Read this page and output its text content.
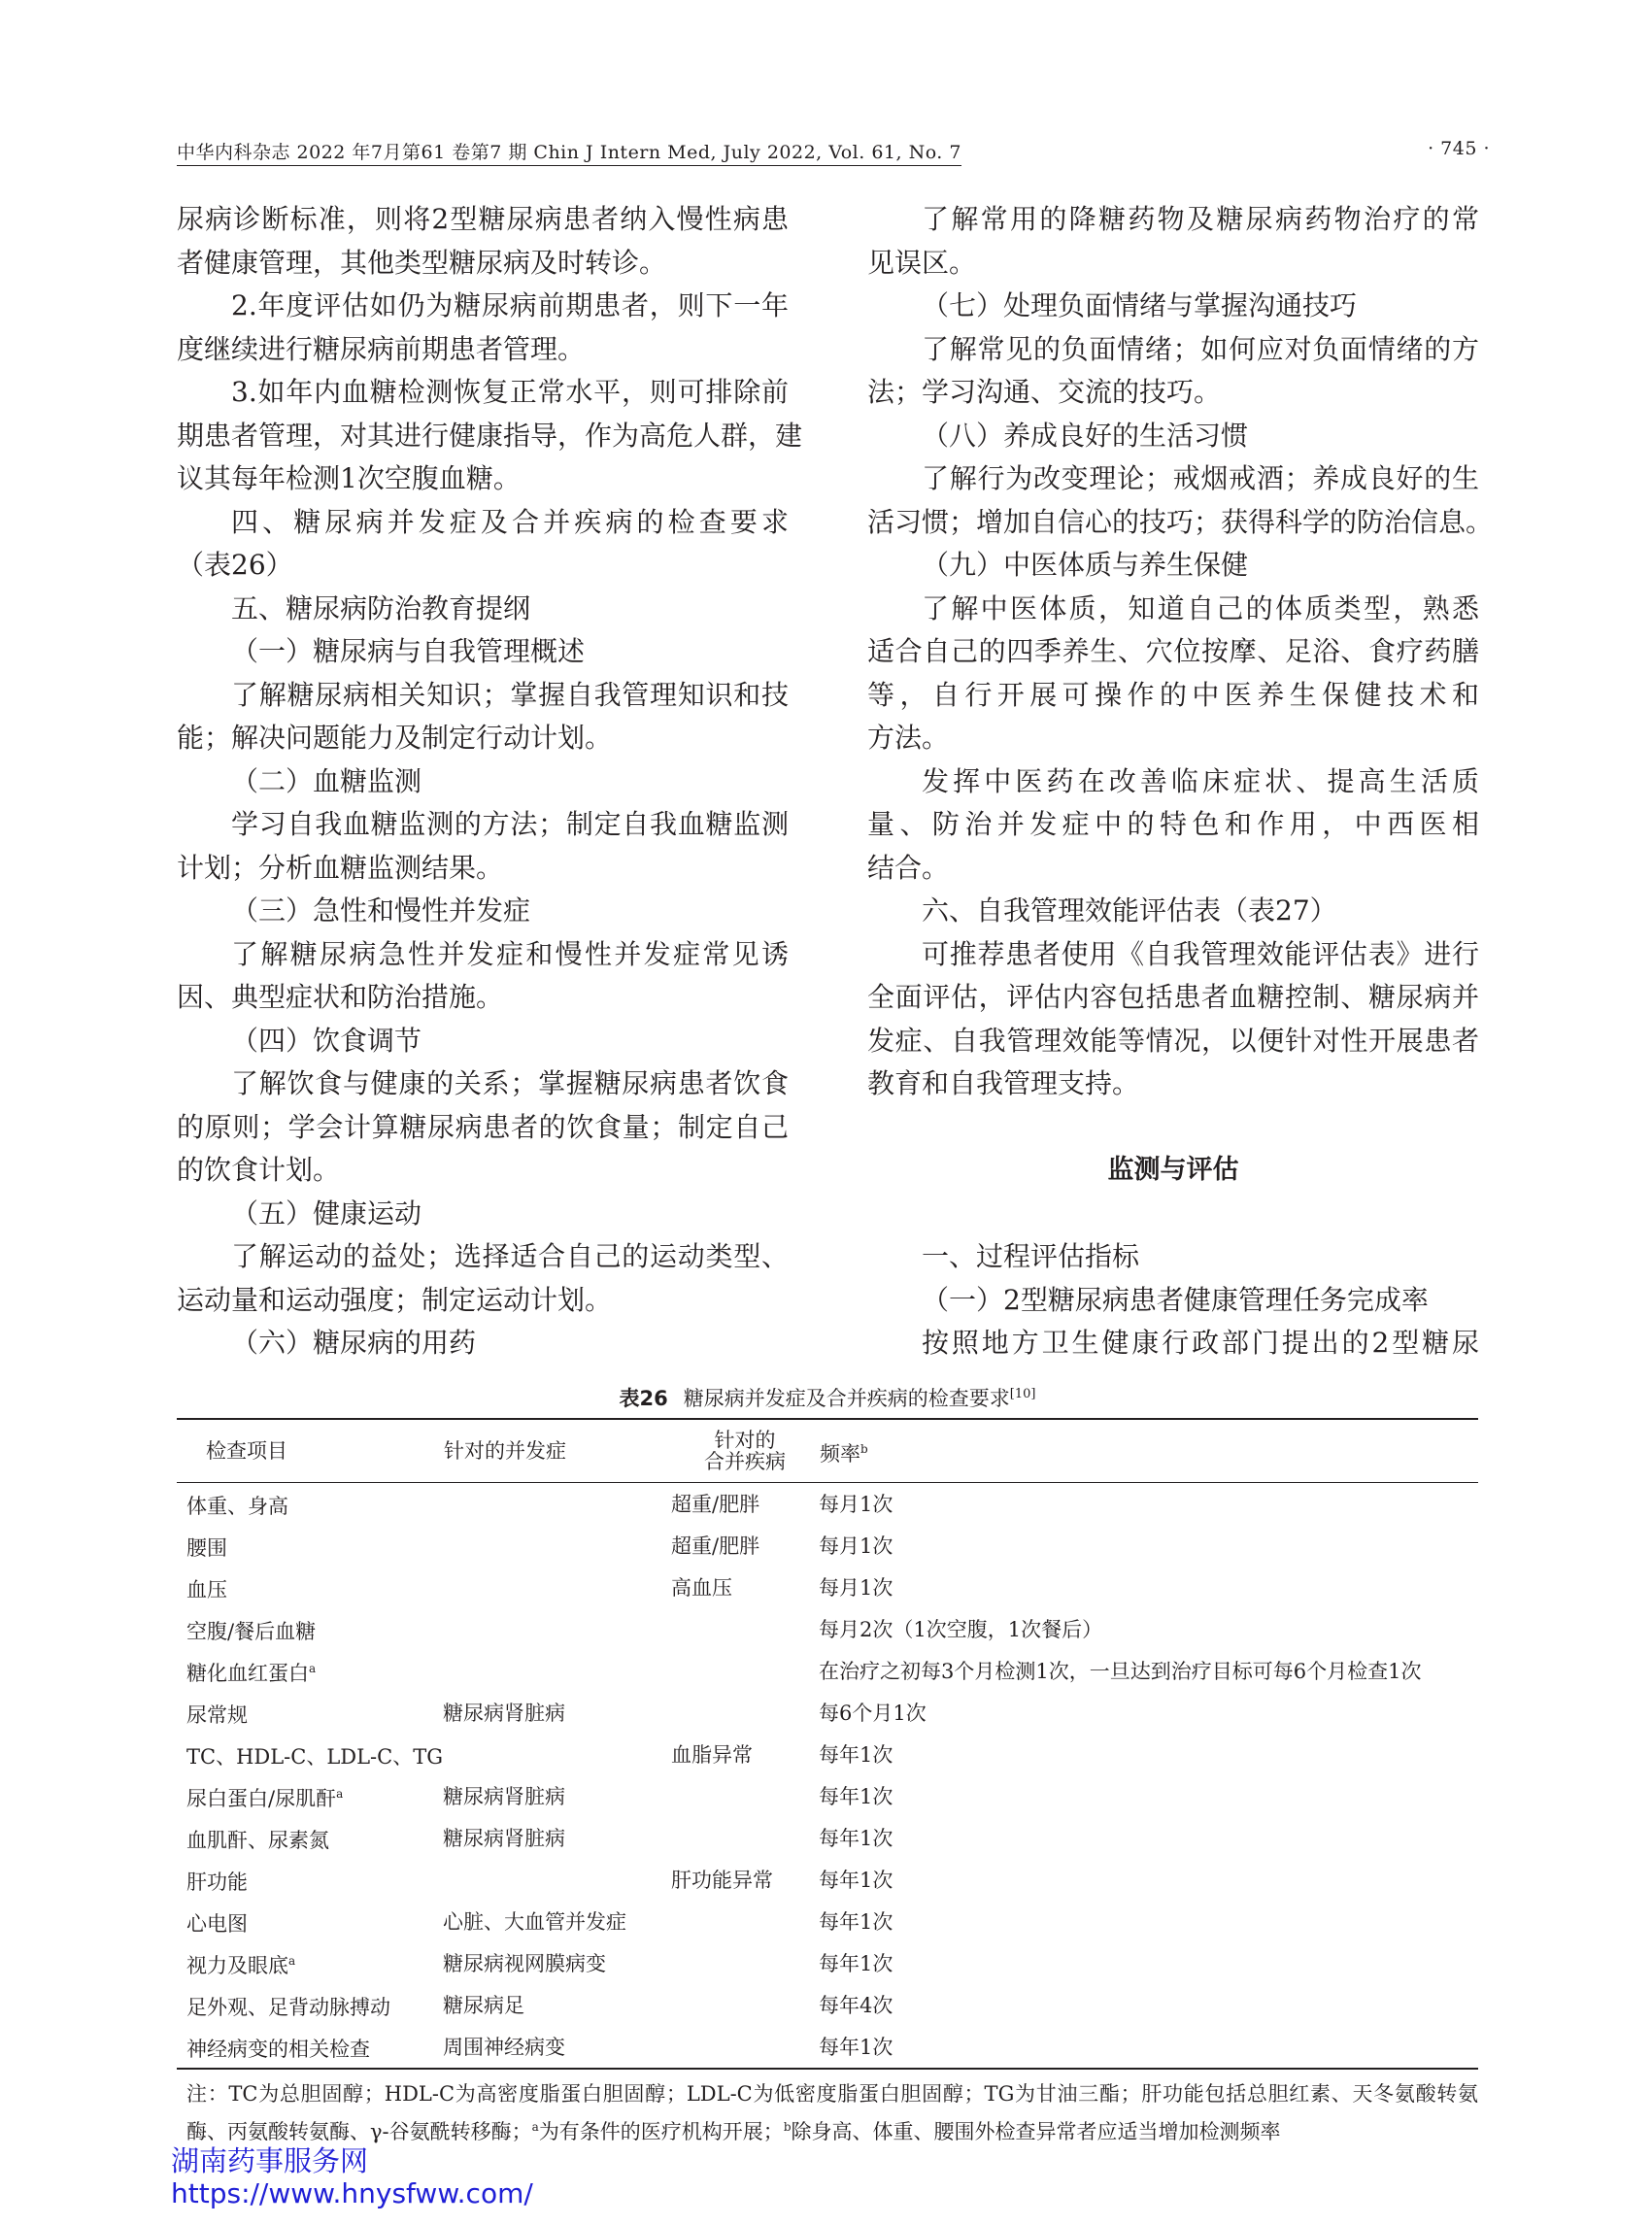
中华内科杂志 2022 年7月第61 卷第7 期 Chin J Intern Med, July 2022, Vol. 61, No. 7	· 745 ·
尿病诊断标准，则将2型糖尿病患者纳入慢性病患
者健康管理，其他类型糖尿病及时转诊。
2.年度评估如仍为糖尿病前期患者，则下一年
度继续进行糖尿病前期患者管理。
3.如年内血糖检测恢复正常水平，则可排除前
期患者管理，对其进行健康指导，作为高危人群，建
议其每年检测1次空腹血糖。
四、糖尿病并发症及合并疾病的检查要求
（表26）
五、糖尿病防治教育提纲
（一）糖尿病与自我管理概述
了解糖尿病相关知识；掌握自我管理知识和技
能；解决问题能力及制定行动计划。
（二）血糖监测
学习自我血糖监测的方法；制定自我血糖监测
计划；分析血糖监测结果。
（三）急性和慢性并发症
了解糖尿病急性并发症和慢性并发症常见诱
因、典型症状和防治措施。
（四）饮食调节
了解饮食与健康的关系；掌握糖尿病患者饮食
的原则；学会计算糖尿病患者的饮食量；制定自己
的饮食计划。
（五）健康运动
了解运动的益处；选择适合自己的运动类型、
运动量和运动强度；制定运动计划。
（六）糖尿病的用药
了解常用的降糖药物及糖尿病药物治疗的常
见误区。
（七）处理负面情绪与掌握沟通技巧
了解常见的负面情绪；如何应对负面情绪的方
法；学习沟通、交流的技巧。
（八）养成良好的生活习惯
了解行为改变理论；戒烟戒酒；养成良好的生
活习惯；增加自信心的技巧；获得科学的防治信息。
（九）中医体质与养生保健
了解中医体质，知道自己的体质类型，熟悉
适合自己的四季养生、穴位按摩、足浴、食疗药膳
等，自行开展可操作的中医养生保健技术和
方法。
发挥中医药在改善临床症状、提高生活质
量、防治并发症中的特色和作用，中西医相
结合。
六、自我管理效能评估表（表27）
可推荐患者使用《自我管理效能评估表》进行
全面评估，评估内容包括患者血糖控制、糖尿病并
发症、自我管理效能等情况，以便针对性开展患者
教育和自我管理支持。
监测与评估
一、过程评估指标
（一）2型糖尿病患者健康管理任务完成率
按照地方卫生健康行政部门提出的2型糖尿
表26 糖尿病并发症及合并疾病的检查要求[10]
检查项目	针对的并发症	针对的
合并疾病	频率$^b$

体重、身高		超重/肥胖	每月1次
腰围		超重/肥胖	每月1次
血压		高血压	每月1次
空腹/餐后血糖			每月2次（1次空腹，1次餐后）
糖化血红蛋白$^a$			在治疗之初每3个月检测1次，一旦达到治疗目标可每6个月检查1次
尿常规	糖尿病肾脏病		每6个月1次
TC、HDL-C、LDL-C、TG		血脂异常	每年1次
尿白蛋白/尿肌酐$^a$	糖尿病肾脏病		每年1次
血肌酐、尿素氮	糖尿病肾脏病		每年1次
肝功能		肝功能异常	每年1次
心电图	心脏、大血管并发症		每年1次
视力及眼底$^a$	糖尿病视网膜病变		每年1次
足外观、足背动脉搏动	糖尿病足		每年4次
神经病变的相关检查	周围神经病变		每年1次
注：TC为总胆固醇；HDL-C为高密度脂蛋白胆固醇；LDL-C为低密度脂蛋白胆固醇；TG为甘油三酯；肝功能包括总胆红素、天冬氨酸转氨酶、丙氨酸转氨酶、γ-谷氨酰转移酶；$^a$为有条件的医疗机构开展；$^b$除身高、体重、腰围外检查异常者应适当增加检测频率
湖南药事服务网
https://www.hnysfww.com/
